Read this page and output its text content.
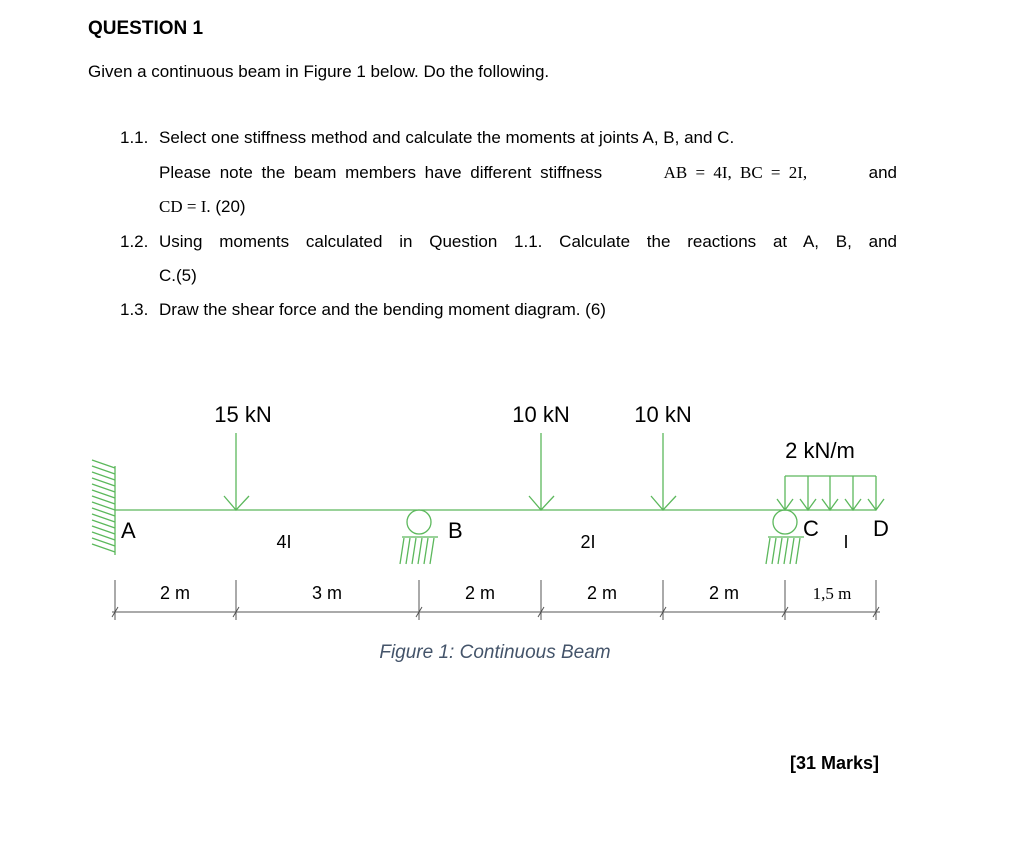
QUESTION 1
Given a continuous beam in Figure 1 below. Do the following.
1.1. Select one stiffness method and calculate the moments at joints A, B, and C.
Please note the beam members have different stiffness	AB = 4I, BC = 2I,	and
CD = I. (20)
1.2. Using moments calculated in Question 1.1. Calculate the reactions at A, B, and
C.(5)
1.3. Draw the shear force and the bending moment diagram. (6)
15 kN	10 kN	10 kN
2 kN/m
A	B	C D
4I	2I	I
2 m	3 m	2 m	2 m	2 m	1,5 m
Figure 1: Continuous Beam
[31 Marks]
